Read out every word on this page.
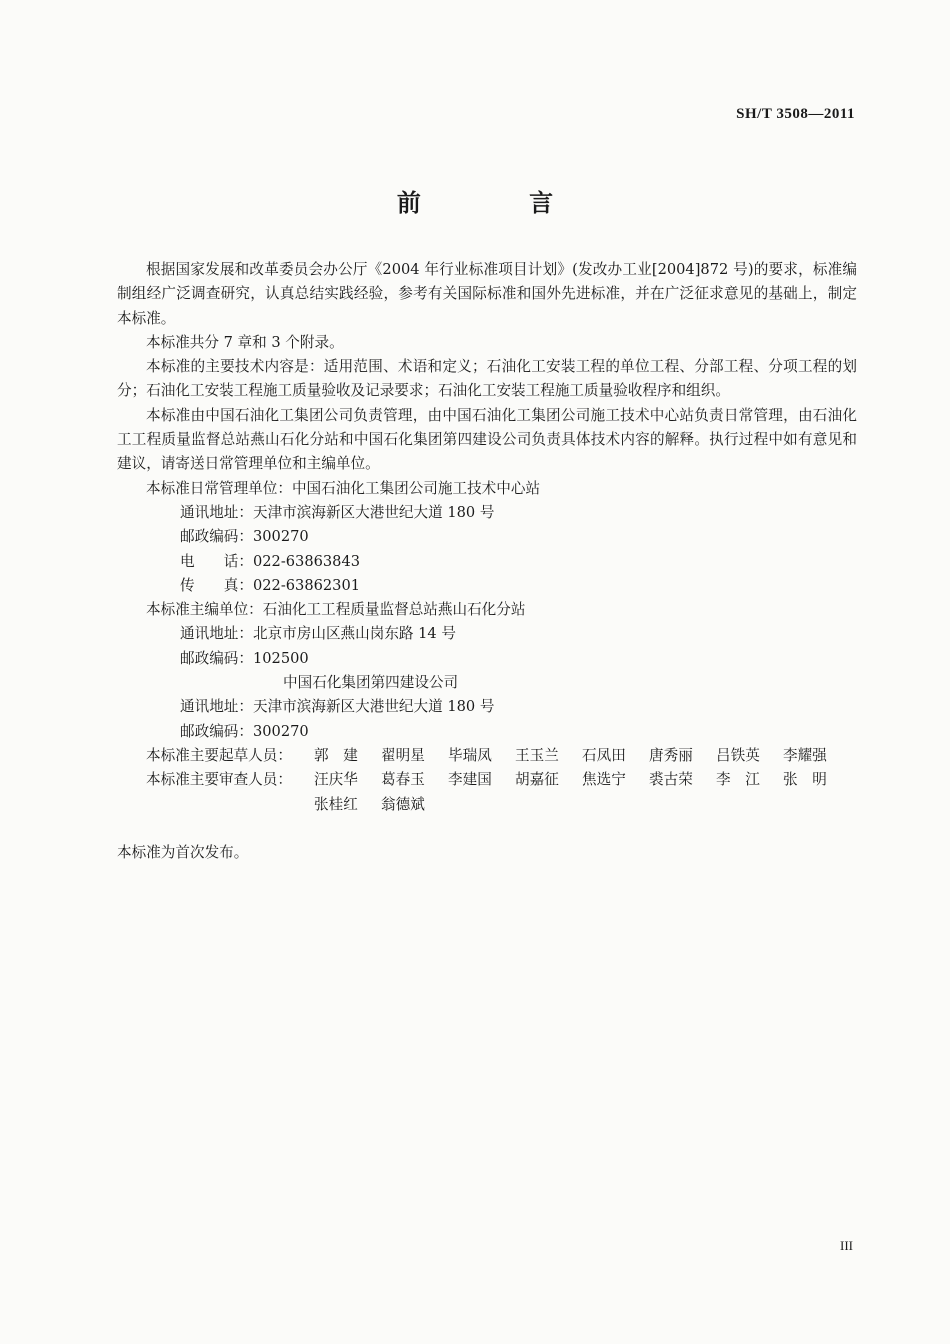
SH/T 3508—2011
前 言

根据国家发展和改革委员会办公厅《2004 年行业标准项目计划》(发改办工业[2004]872 号)的要求，标准编制组经广泛调查研究，认真总结实践经验，参考有关国际标准和国外先进标准，并在广泛征求意见的基础上，制定本标准。

本标准共分 7 章和 3 个附录。

本标准的主要技术内容是：适用范围、术语和定义；石油化工安装工程的单位工程、分部工程、分项工程的划分；石油化工安装工程施工质量验收及记录要求；石油化工安装工程施工质量验收程序和组织。

本标准由中国石油化工集团公司负责管理，由中国石油化工集团公司施工技术中心站负责日常管理，由石油化工工程质量监督总站燕山石化分站和中国石化集团第四建设公司负责具体技术内容的解释。执行过程中如有意见和建议，请寄送日常管理单位和主编单位。

本标准日常管理单位：中国石油化工集团公司施工技术中心站

通讯地址：天津市滨海新区大港世纪大道 180 号

邮政编码：300270

电　　话：022-63863843

传　　真：022-63862301

本标准主编单位：石油化工工程质量监督总站燕山石化分站

通讯地址：北京市房山区燕山岗东路 14 号

邮政编码：102500

中国石化集团第四建设公司

通讯地址：天津市滨海新区大港世纪大道 180 号

邮政编码：300270

本标准主要起草人员：	郭　建	翟明星	毕瑞凤	王玉兰	石凤田	唐秀丽	吕铁英	李耀强
本标准主要审查人员：	汪庆华	葛春玉	李建国	胡嘉征	焦选宁	裘古荣	李　江	张　明
张桂红	翁德斌

本标准为首次发布。

III
